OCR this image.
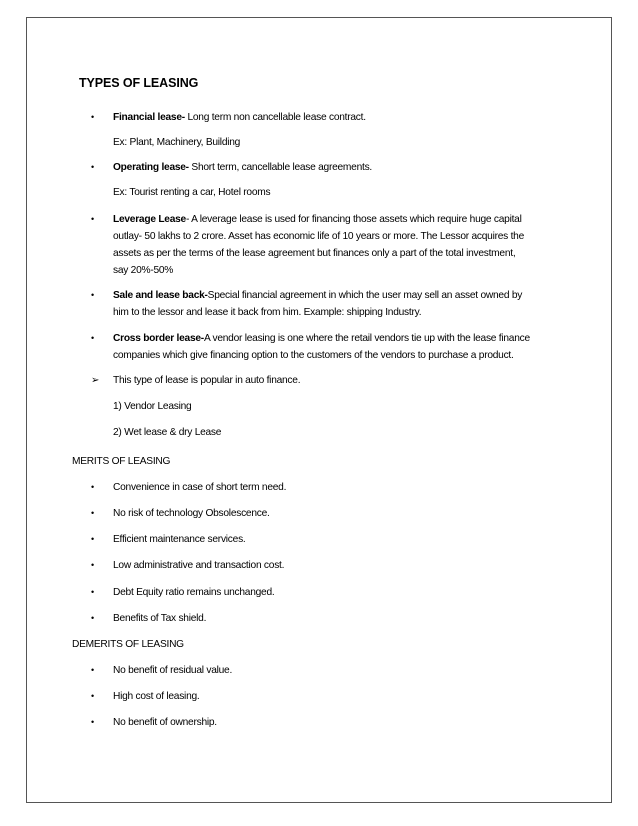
TYPES OF LEASING
• Financial lease- Long term non cancellable lease contract.
Ex: Plant, Machinery, Building
• Operating lease- Short term, cancellable lease agreements.
Ex: Tourist renting a car, Hotel rooms
• Leverage Lease- A leverage lease is used for financing those assets which require huge capital
outlay- 50 lakhs to 2 crore. Asset has economic life of 10 years or more. The Lessor acquires the
assets as per the terms of the lease agreement but finances only a part of the total investment,
say 20%-50%
• Sale and lease back-Special financial agreement in which the user may sell an asset owned by
him to the lessor and lease it back from him. Example: shipping Industry.
• Cross border lease-A vendor leasing is one where the retail vendors tie up with the lease finance
companies which give financing option to the customers of the vendors to purchase a product.
➢ This type of lease is popular in auto finance.
1) Vendor Leasing
2) Wet lease & dry Lease
MERITS OF LEASING
• Convenience in case of short term need.
• No risk of technology Obsolescence.
• Efficient maintenance services.
• Low administrative and transaction cost.
• Debt Equity ratio remains unchanged.
• Benefits of Tax shield.
DEMERITS OF LEASING
• No benefit of residual value.
• High cost of leasing.
• No benefit of ownership.
